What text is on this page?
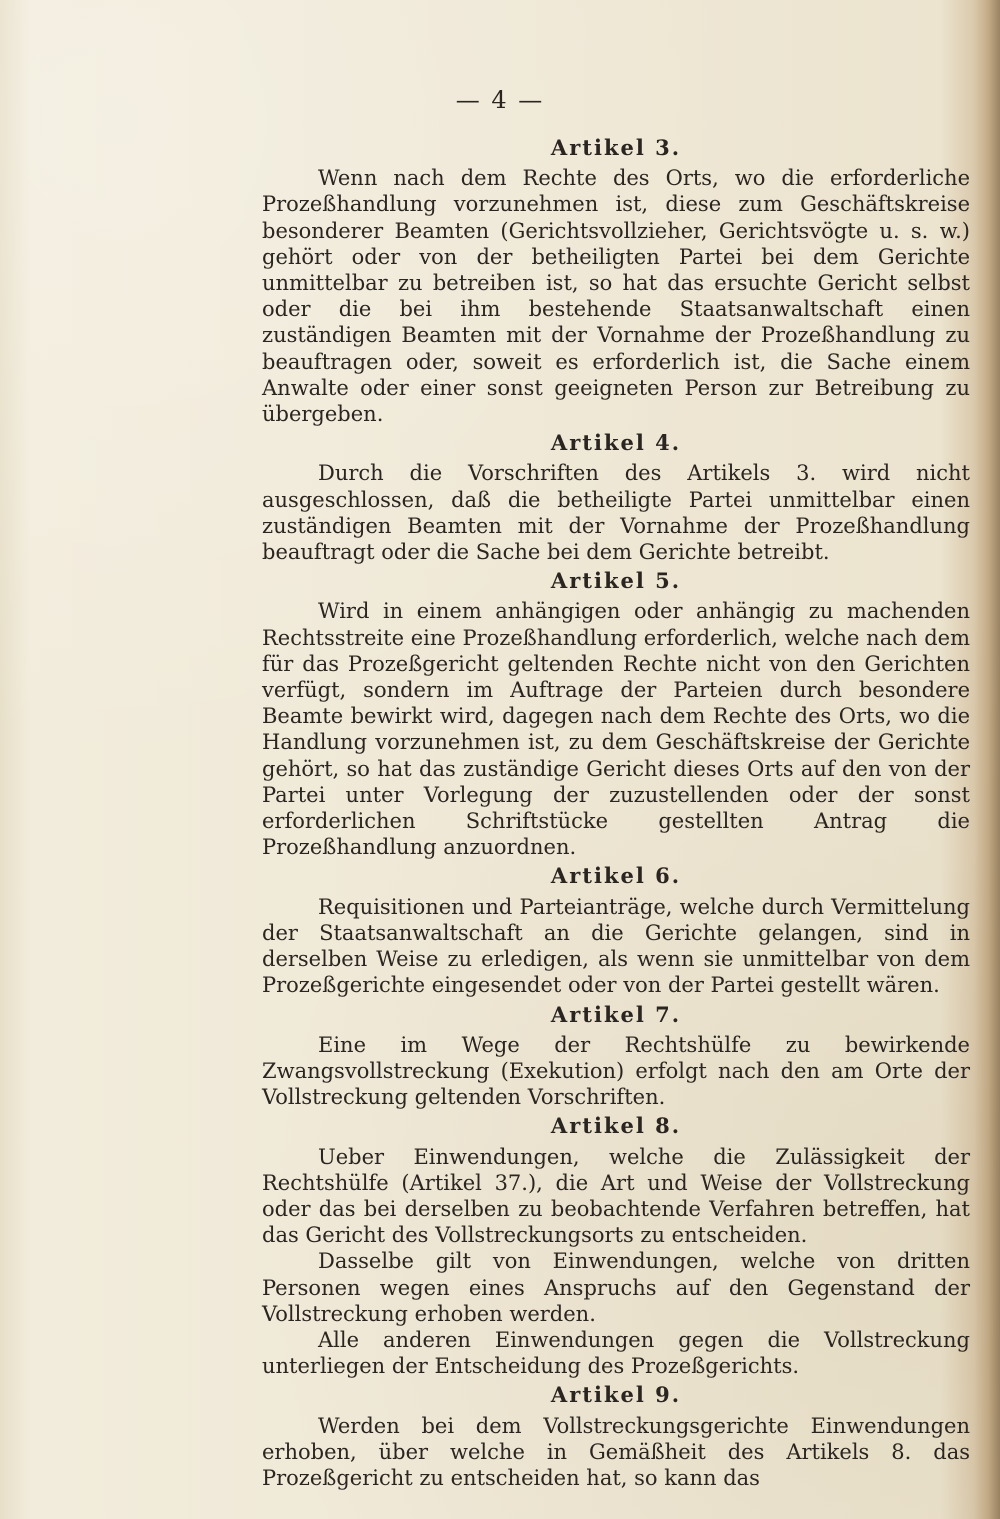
— 4 —
Artikel 3.

Wenn nach dem Rechte des Orts, wo die erforderliche Prozeßhandlung vorzunehmen ist, diese zum Geschäftskreise besonderer Beamten (Gerichtsvollzieher, Gerichtsvögte u. s. w.) gehört oder von der betheiligten Partei bei dem Gerichte unmittelbar zu betreiben ist, so hat das ersuchte Gericht selbst oder die bei ihm bestehende Staatsanwaltschaft einen zuständigen Beamten mit der Vornahme der Prozeßhandlung zu beauftragen oder, soweit es erforderlich ist, die Sache einem Anwalte oder einer sonst geeigneten Person zur Betreibung zu übergeben.

Artikel 4.

Durch die Vorschriften des Artikels 3. wird nicht ausgeschlossen, daß die betheiligte Partei unmittelbar einen zuständigen Beamten mit der Vornahme der Prozeßhandlung beauftragt oder die Sache bei dem Gerichte betreibt.

Artikel 5.

Wird in einem anhängigen oder anhängig zu machenden Rechtsstreite eine Prozeßhandlung erforderlich, welche nach dem für das Prozeßgericht geltenden Rechte nicht von den Gerichten verfügt, sondern im Auftrage der Parteien durch besondere Beamte bewirkt wird, dagegen nach dem Rechte des Orts, wo die Handlung vorzunehmen ist, zu dem Geschäftskreise der Gerichte gehört, so hat das zuständige Gericht dieses Orts auf den von der Partei unter Vorlegung der zuzustellenden oder der sonst erforderlichen Schriftstücke gestellten Antrag die Prozeßhandlung anzuordnen.

Artikel 6.

Requisitionen und Parteianträge, welche durch Vermittelung der Staatsanwaltschaft an die Gerichte gelangen, sind in derselben Weise zu erledigen, als wenn sie unmittelbar von dem Prozeßgerichte eingesendet oder von der Partei gestellt wären.

Artikel 7.

Eine im Wege der Rechtshülfe zu bewirkende Zwangsvollstreckung (Exekution) erfolgt nach den am Orte der Vollstreckung geltenden Vorschriften.

Artikel 8.

Ueber Einwendungen, welche die Zulässigkeit der Rechtshülfe (Artikel 37.), die Art und Weise der Vollstreckung oder das bei derselben zu beobachtende Verfahren betreffen, hat das Gericht des Vollstreckungsorts zu entscheiden.

Dasselbe gilt von Einwendungen, welche von dritten Personen wegen eines Anspruchs auf den Gegenstand der Vollstreckung erhoben werden.

Alle anderen Einwendungen gegen die Vollstreckung unterliegen der Entscheidung des Prozeßgerichts.

Artikel 9.

Werden bei dem Vollstreckungsgerichte Einwendungen erhoben, über welche in Gemäßheit des Artikels 8. das Prozeßgericht zu entscheiden hat, so kann das
